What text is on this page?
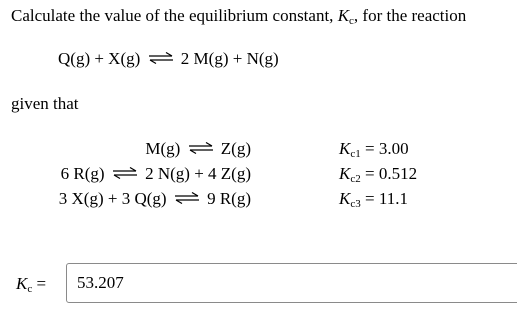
Calculate the value of the equilibrium constant, $K_c$, for the reaction
Q(g) + X(g) ⇌ 2 M(g) + N(g)
given that
M(g) ⇌ Z(g)
6 R(g) ⇌ 2 N(g) + 4 Z(g)
3 X(g) + 3 Q(g) ⇌ 9 R(g)
$K_{c1} = 3.00$
$K_{c2} = 0.512$
$K_{c3} = 11.1$
$K_c$ =
53.207
